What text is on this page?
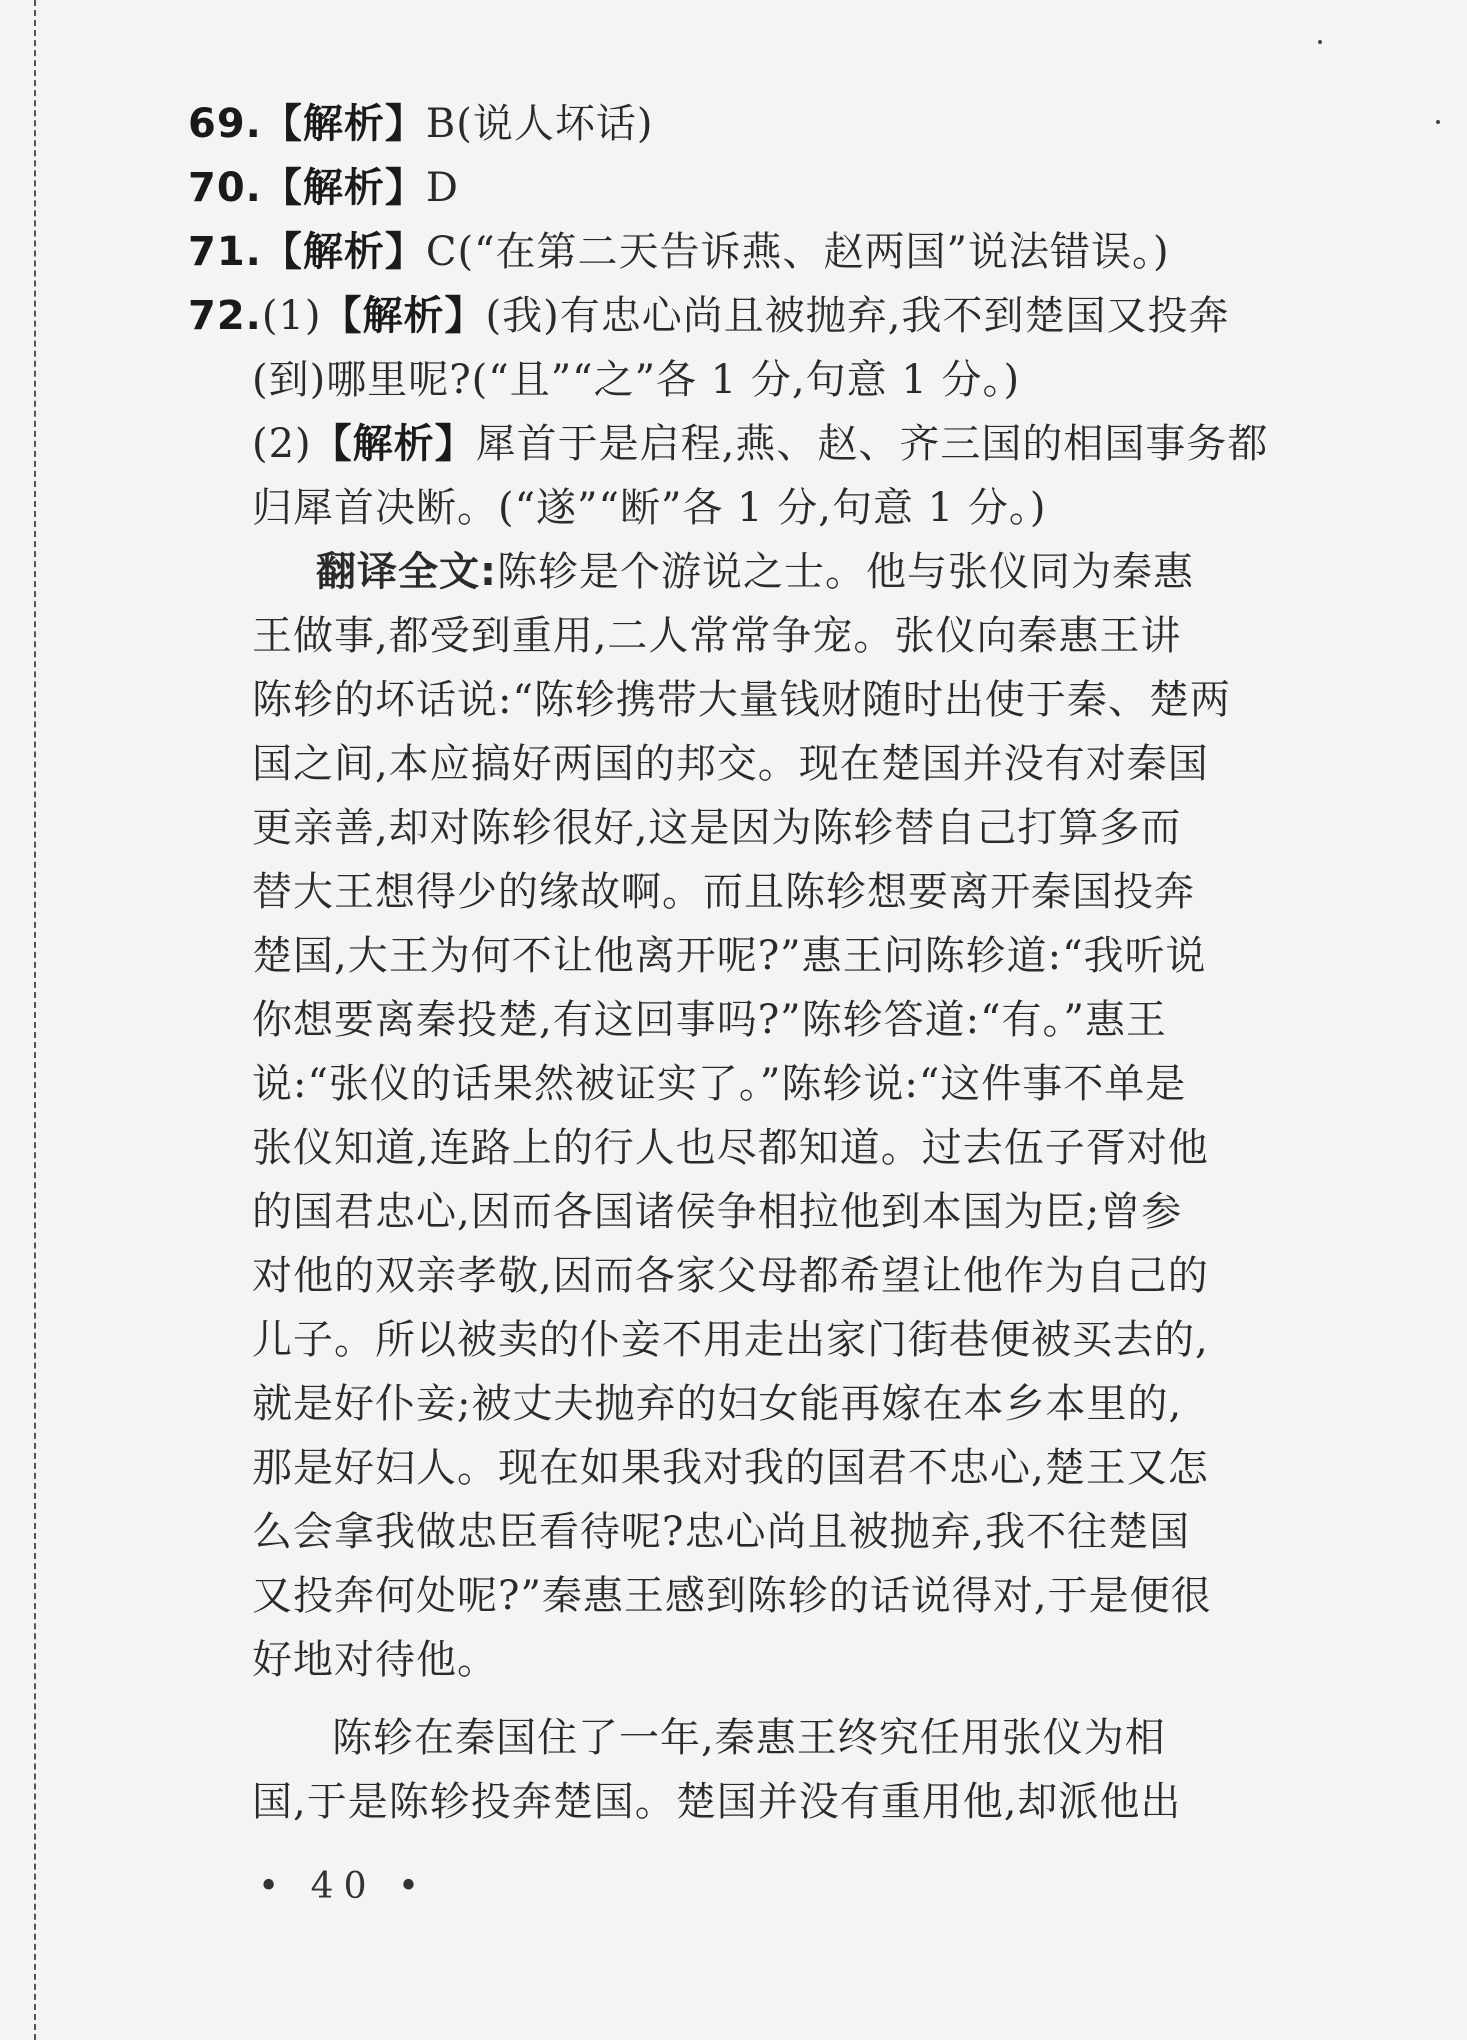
69.【解析】B(说人坏话)
70.【解析】D
71.【解析】C(“在第二天告诉燕、赵两国”说法错误。)
72.(1)【解析】(我)有忠心尚且被抛弃,我不到楚国又投奔
(到)哪里呢?(“且”“之”各 1 分,句意 1 分。)
(2)【解析】犀首于是启程,燕、赵、齐三国的相国事务都
归犀首决断。(“遂”“断”各 1 分,句意 1 分。)
翻译全文:陈轸是个游说之士。他与张仪同为秦惠
王做事,都受到重用,二人常常争宠。张仪向秦惠王讲
陈轸的坏话说:“陈轸携带大量钱财随时出使于秦、楚两
国之间,本应搞好两国的邦交。现在楚国并没有对秦国
更亲善,却对陈轸很好,这是因为陈轸替自己打算多而
替大王想得少的缘故啊。而且陈轸想要离开秦国投奔
楚国,大王为何不让他离开呢?”惠王问陈轸道:“我听说
你想要离秦投楚,有这回事吗?”陈轸答道:“有。”惠王
说:“张仪的话果然被证实了。”陈轸说:“这件事不单是
张仪知道,连路上的行人也尽都知道。过去伍子胥对他
的国君忠心,因而各国诸侯争相拉他到本国为臣;曾参
对他的双亲孝敬,因而各家父母都希望让他作为自己的
儿子。所以被卖的仆妾不用走出家门街巷便被买去的,
就是好仆妾;被丈夫抛弃的妇女能再嫁在本乡本里的,
那是好妇人。现在如果我对我的国君不忠心,楚王又怎
么会拿我做忠臣看待呢?忠心尚且被抛弃,我不往楚国
又投奔何处呢?”秦惠王感到陈轸的话说得对,于是便很
好地对待他。
陈轸在秦国住了一年,秦惠王终究任用张仪为相
国,于是陈轸投奔楚国。楚国并没有重用他,却派他出
• 40 •
